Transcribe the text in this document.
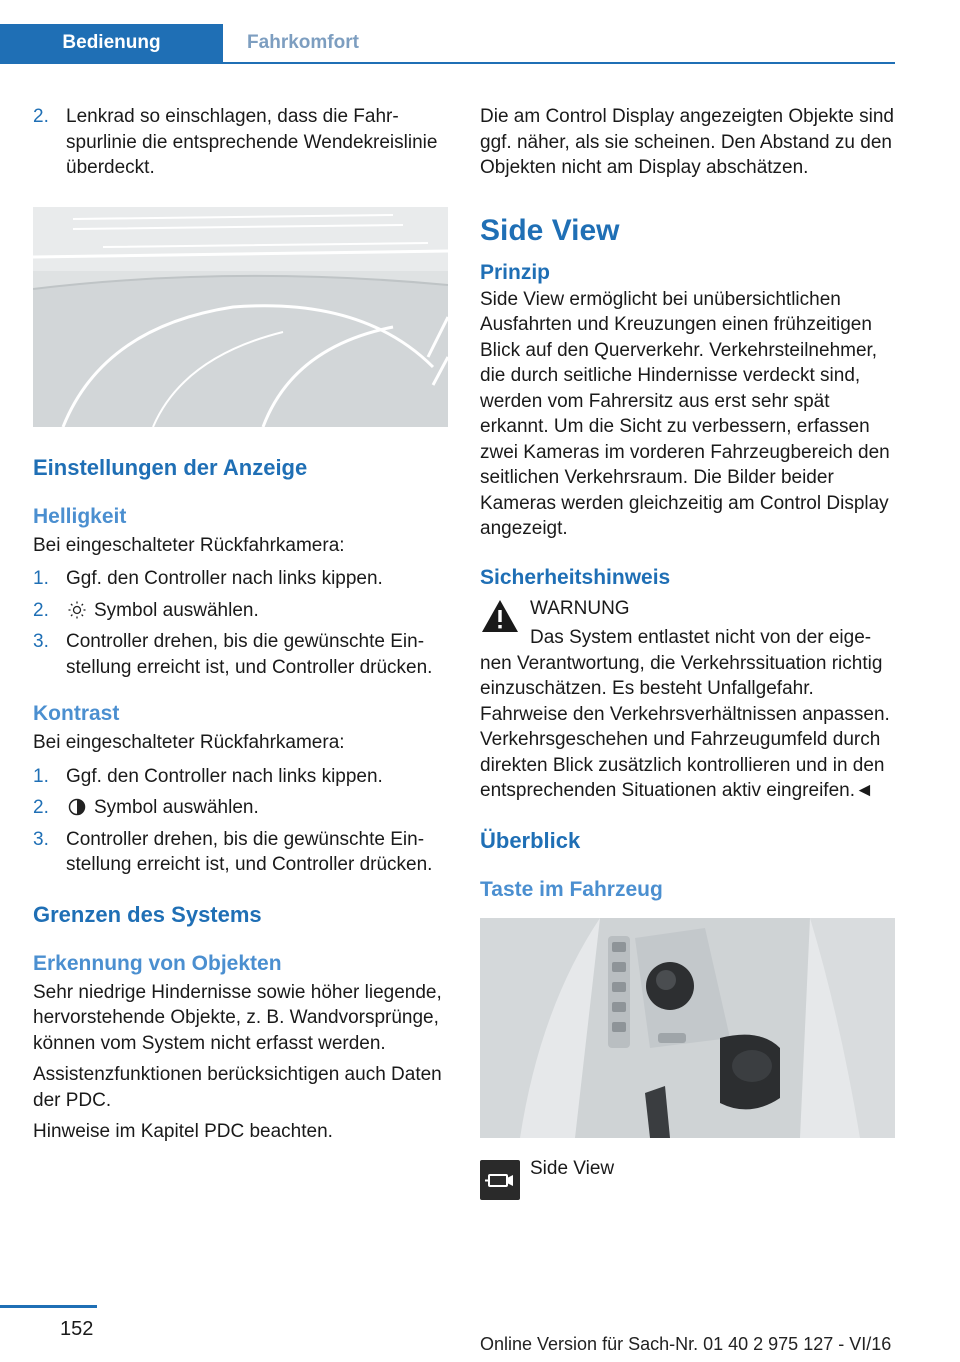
Bedienung	Fahrkomfort
2. Lenkrad so einschlagen, dass die Fahrspurlinie die entsprechende Wendekreislinie überdeckt.
Einstellungen der Anzeige
Helligkeit

Bei eingeschalteter Rückfahrkamera:

1. Ggf. den Controller nach links kippen.
2. Symbol auswählen.
3. Controller drehen, bis die gewünschte Einstellung erreicht ist, und Controller drücken.
Kontrast

Bei eingeschalteter Rückfahrkamera:

1. Ggf. den Controller nach links kippen.
2. Symbol auswählen.
3. Controller drehen, bis die gewünschte Einstellung erreicht ist, und Controller drücken.
Grenzen des Systems
Erkennung von Objekten

Sehr niedrige Hindernisse sowie höher liegende, hervorstehende Objekte, z. B. Wandvorsprünge, können vom System nicht erfasst werden.

Assistenzfunktionen berücksichtigen auch Daten der PDC.

Hinweise im Kapitel PDC beachten.

Die am Control Display angezeigten Objekte sind ggf. näher, als sie scheinen. Den Abstand zu den Objekten nicht am Display abschätzen.

Side View
Prinzip

Side View ermöglicht bei unübersichtlichen Ausfahrten und Kreuzungen einen frühzeitigen Blick auf den Querverkehr. Verkehrsteilnehmer, die durch seitliche Hindernisse verdeckt sind, werden vom Fahrersitz aus erst sehr spät erkannt. Um die Sicht zu verbessern, erfassen zwei Kameras im vorderen Fahrzeugbereich den seitlichen Verkehrsraum. Die Bilder beider Kameras werden gleichzeitig am Control Display angezeigt.

Sicherheitshinweis

WARNUNG

Das System entlastet nicht von der eigenen Verantwortung, die Verkehrssituation richtig einzuschätzen. Es besteht Unfallgefahr. Fahrweise den Verkehrsverhältnissen anpassen. Verkehrsgeschehen und Fahrzeugumfeld durch direkten Blick zusätzlich kontrollieren und in den entsprechenden Situationen aktiv eingreifen.◄

Überblick
Taste im Fahrzeug

Side View

152
Online Version für Sach-Nr. 01 40 2 975 127 - VI/16
